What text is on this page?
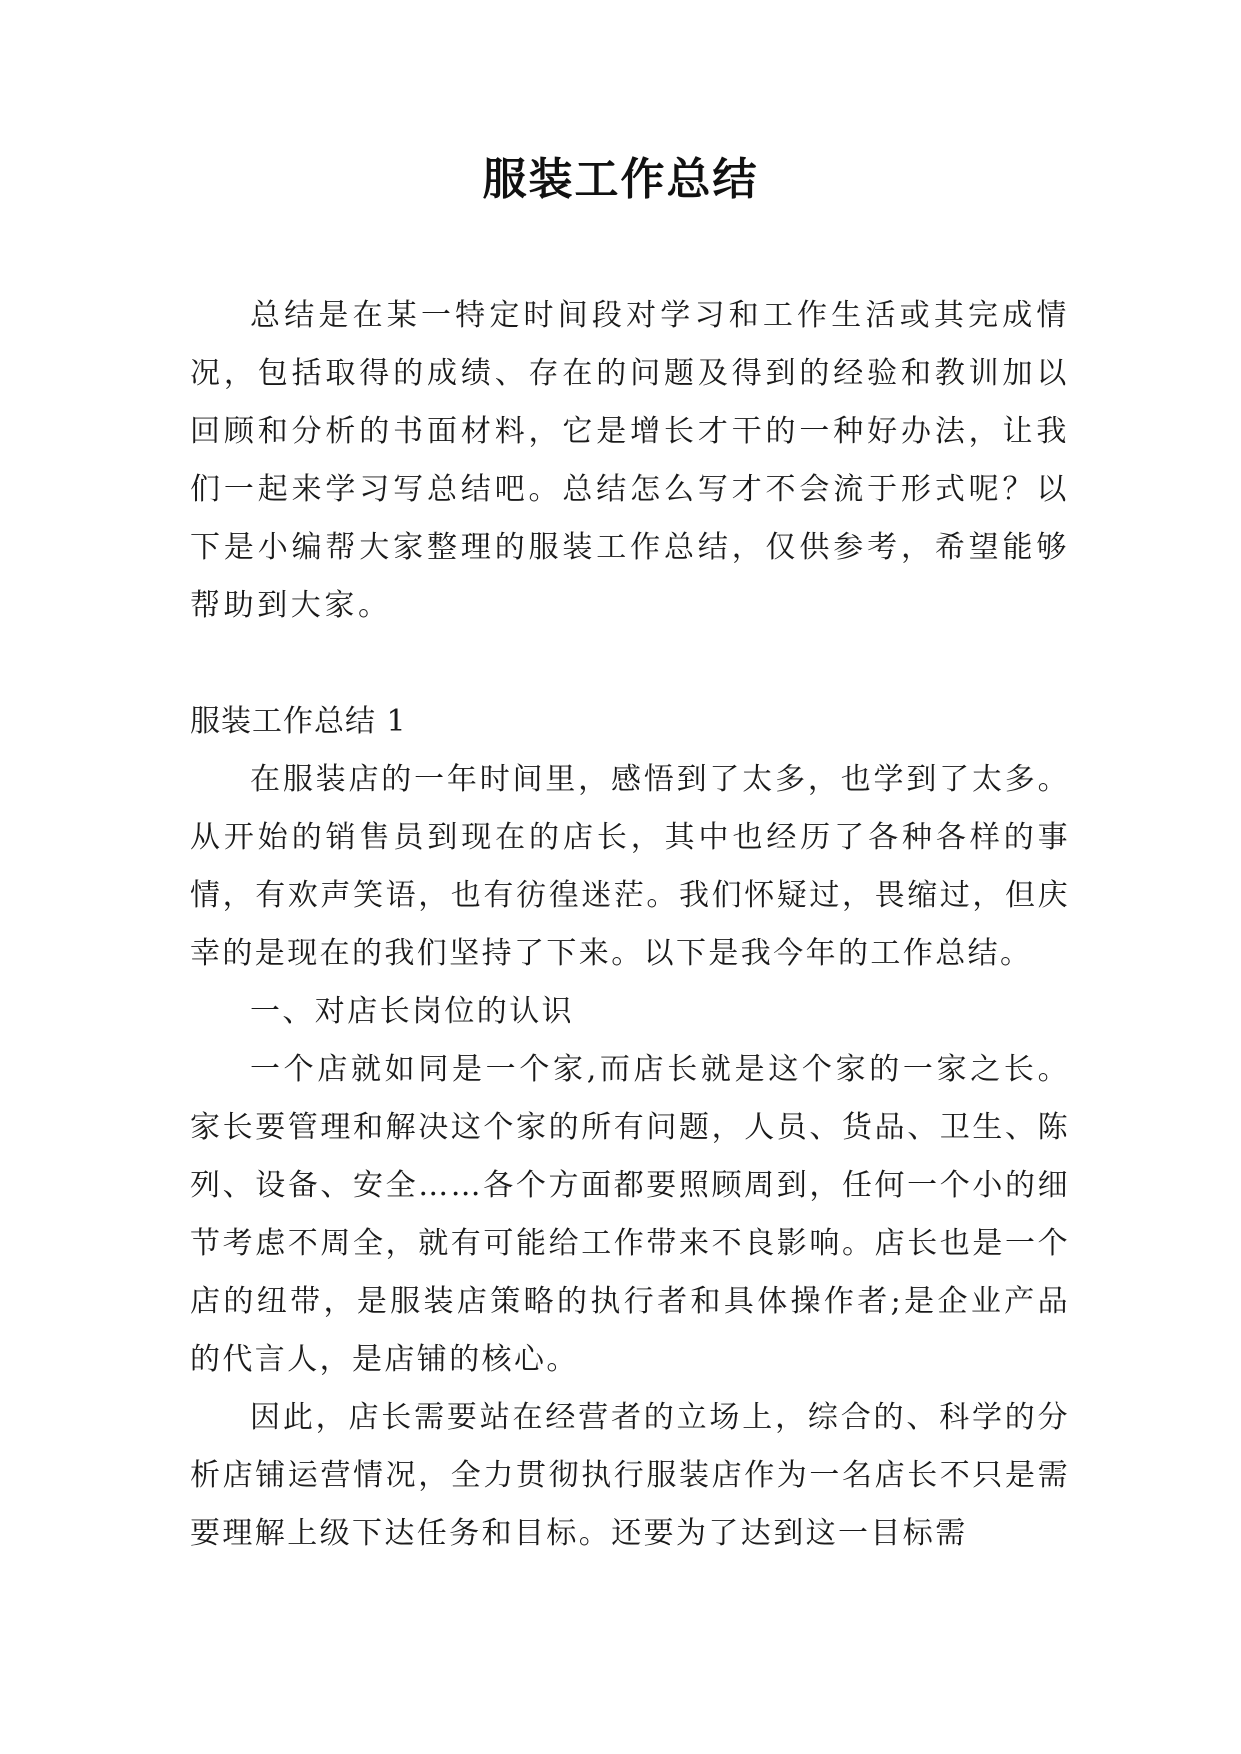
服装工作总结

总结是在某一特定时间段对学习和工作生活或其完成情况，包括取得的成绩、存在的问题及得到的经验和教训加以回顾和分析的书面材料，它是增长才干的一种好办法，让我们一起来学习写总结吧。总结怎么写才不会流于形式呢？以下是小编帮大家整理的服装工作总结，仅供参考，希望能够帮助到大家。

服装工作总结 1

在服装店的一年时间里，感悟到了太多，也学到了太多。从开始的销售员到现在的店长，其中也经历了各种各样的事情，有欢声笑语，也有彷徨迷茫。我们怀疑过，畏缩过，但庆幸的是现在的我们坚持了下来。以下是我今年的工作总结。

一、对店长岗位的认识

一个店就如同是一个家,而店长就是这个家的一家之长。家长要管理和解决这个家的所有问题，人员、货品、卫生、陈列、设备、安全……各个方面都要照顾周到，任何一个小的细节考虑不周全，就有可能给工作带来不良影响。店长也是一个店的纽带，是服装店策略的执行者和具体操作者;是企业产品的代言人，是店铺的核心。

因此，店长需要站在经营者的立场上，综合的、科学的分析店铺运营情况，全力贯彻执行服装店作为一名店长不只是需要理解上级下达任务和目标。还要为了达到这一目标需
